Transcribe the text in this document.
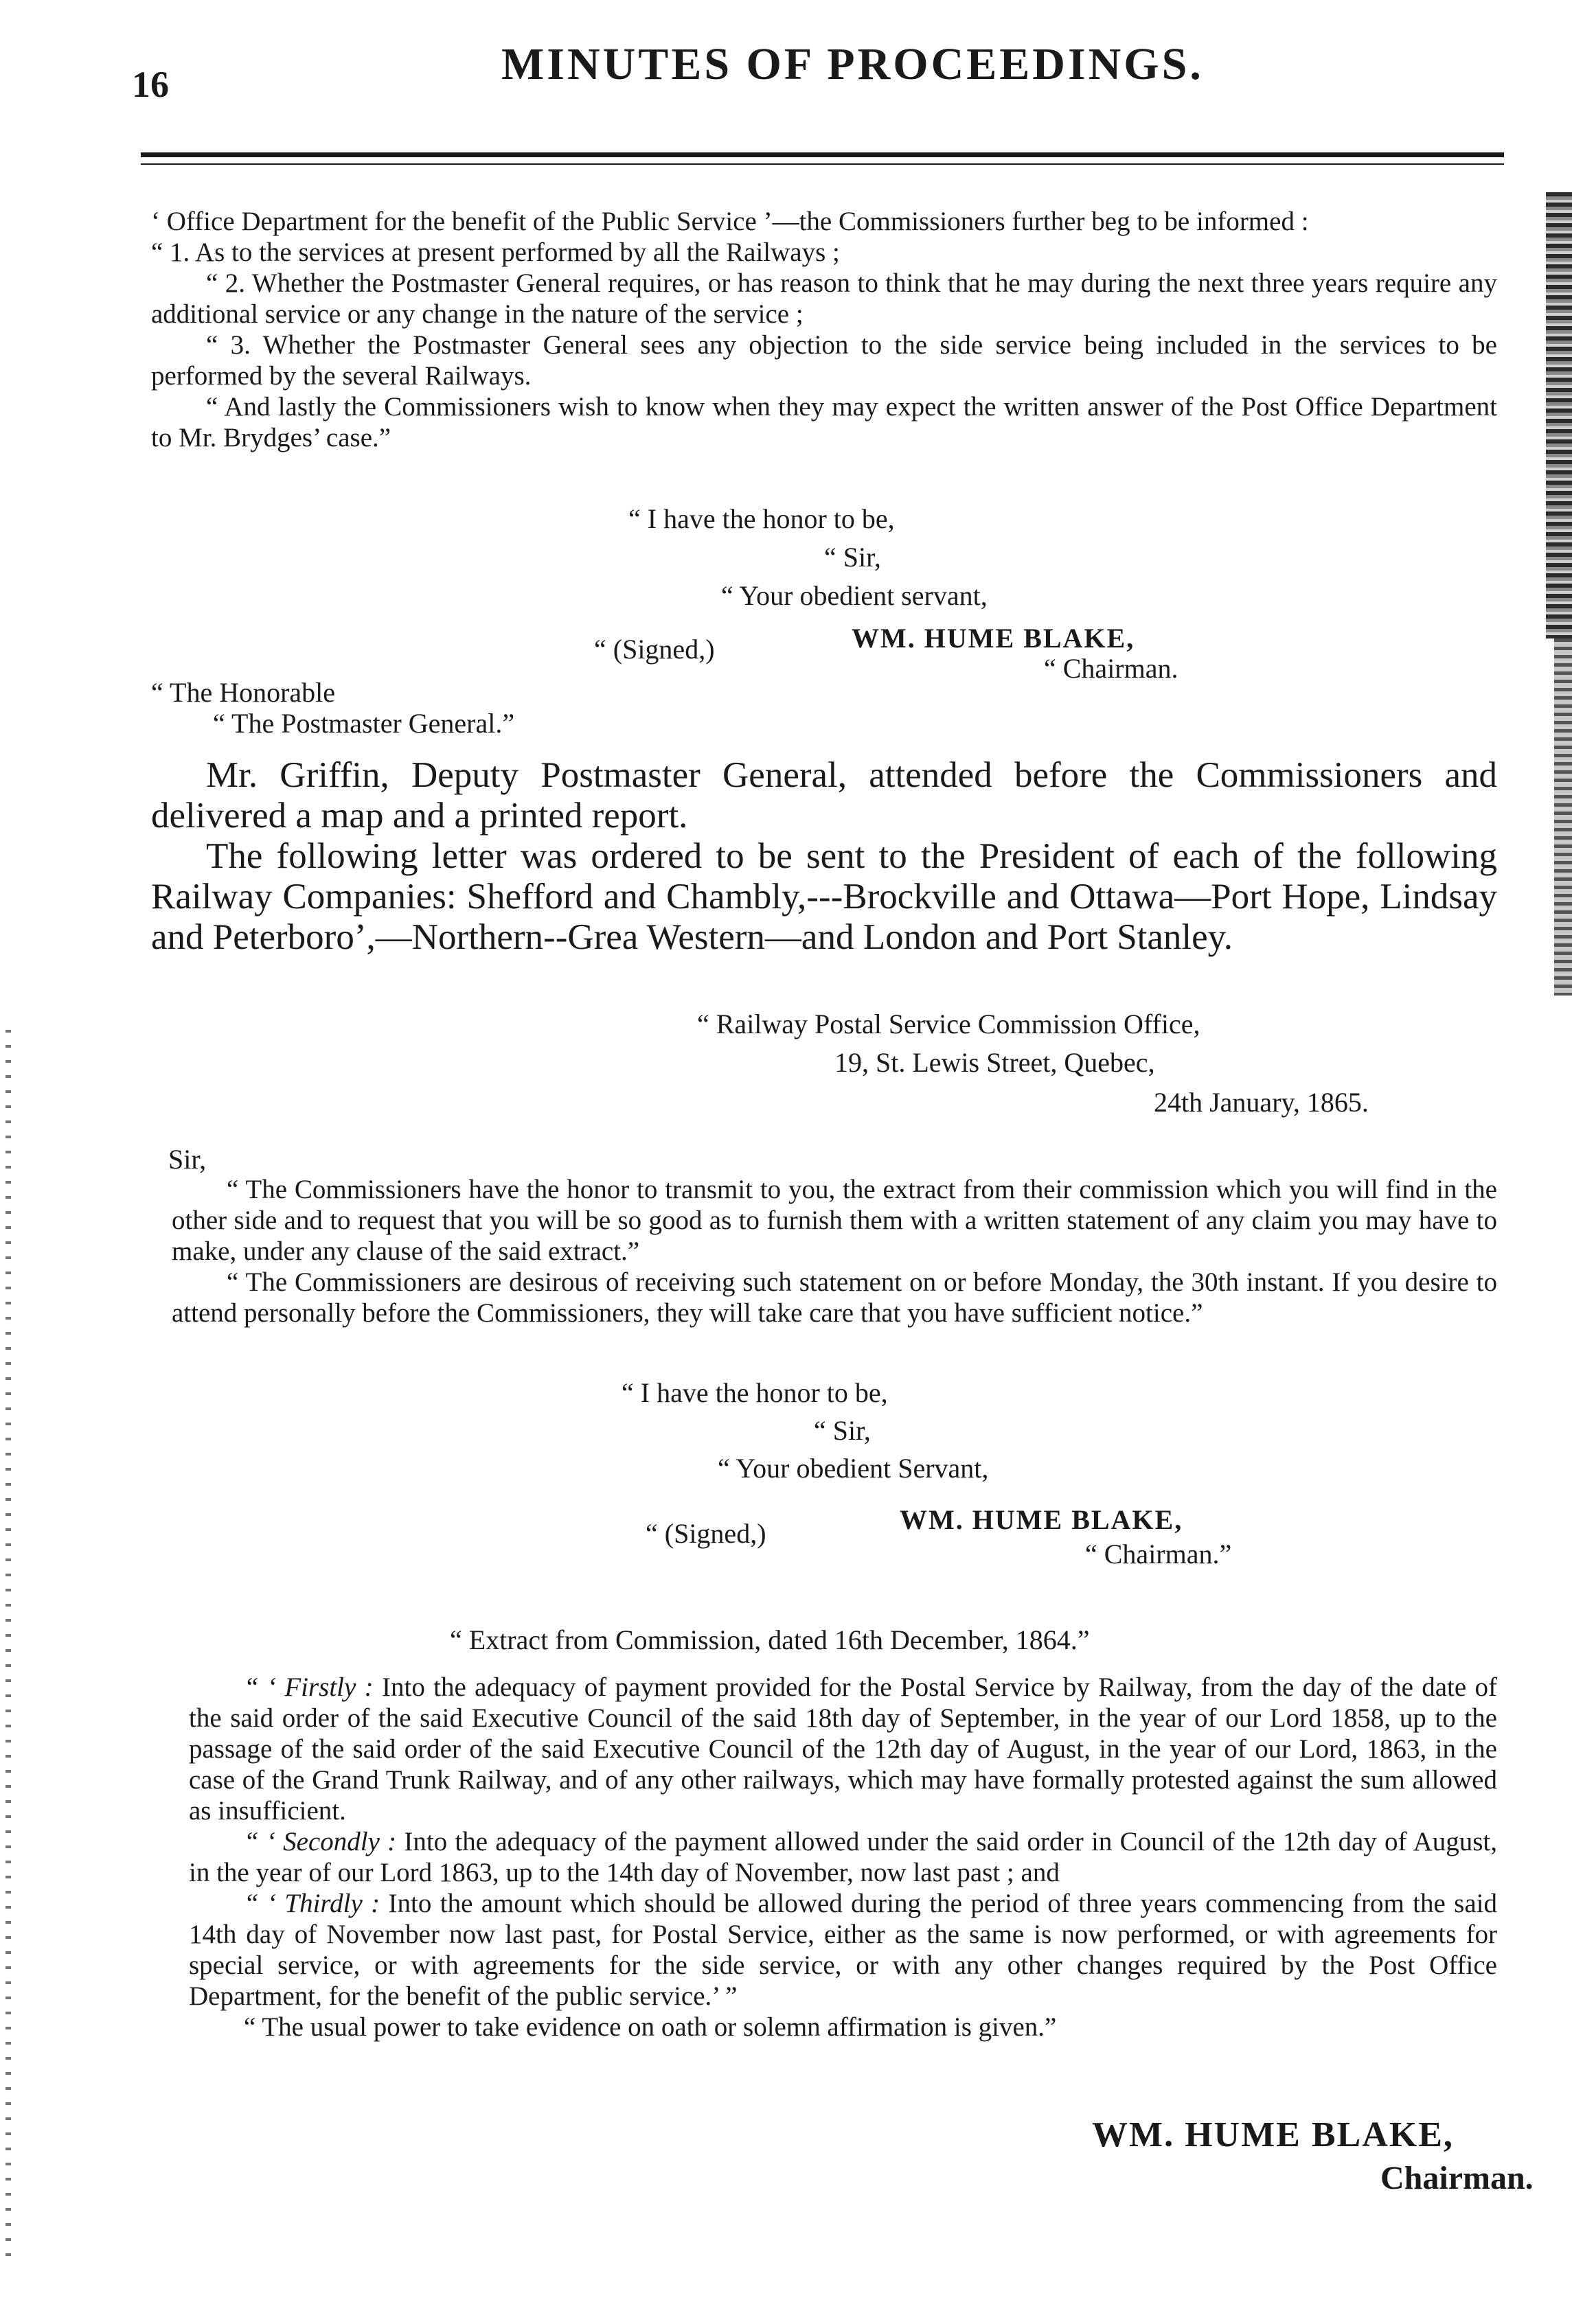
16	MINUTES OF PROCEEDINGS.

‘ Office Department for the benefit of the Public Service ’—the Commissioners further beg to be informed :

“ 1. As to the services at present performed by all the Railways ;

“ 2. Whether the Postmaster General requires, or has reason to think that he may during the next three years require any additional service or any change in the nature of the service ;

“ 3. Whether the Postmaster General sees any objection to the side service being included in the services to be performed by the several Railways.

“ And lastly the Commissioners wish to know when they may expect the written answer of the Post Office Department to Mr. Brydges’ case.”

“ I have the honor to be,
“ Sir,
“ Your obedient servant,
“ (Signed,)	WM. HUME BLAKE,
“ Chairman.
“ The Honorable
“ The Postmaster General.”

Mr. Griffin, Deputy Postmaster General, attended before the Commissioners and delivered a map and a printed report.

The following letter was ordered to be sent to the President of each of the following Railway Companies: Shefford and Chambly,---Brockville and Ottawa—Port Hope, Lindsay and Peterboro’,—Northern--Grea Western—and London and Port Stanley.

“ Railway Postal Service Commission Office,
19, St. Lewis Street, Quebec,
24th January, 1865.
Sir,

“ The Commissioners have the honor to transmit to you, the extract from their commission which you will find in the other side and to request that you will be so good as to furnish them with a written statement of any claim you may have to make, under any clause of the said extract.”

“ The Commissioners are desirous of receiving such statement on or before Monday, the 30th instant. If you desire to attend personally before the Commissioners, they will take care that you have sufficient notice.”

“ I have the honor to be,
“ Sir,
“ Your obedient Servant,
“ (Signed,)	WM. HUME BLAKE,
“ Chairman.”
“ Extract from Commission, dated 16th December, 1864.”

“ ‘ Firstly : Into the adequacy of payment provided for the Postal Service by Railway, from the day of the date of the said order of the said Executive Council of the said 18th day of September, in the year of our Lord 1858, up to the passage of the said order of the said Executive Council of the 12th day of August, in the year of our Lord, 1863, in the case of the Grand Trunk Railway, and of any other railways, which may have formally protested against the sum allowed as insufficient.

“ ‘ Secondly : Into the adequacy of the payment allowed under the said order in Council of the 12th day of August, in the year of our Lord 1863, up to the 14th day of November, now last past ; and

“ ‘ Thirdly : Into the amount which should be allowed during the period of three years commencing from the said 14th day of November now last past, for Postal Service, either as the same is now performed, or with agreements for special service, or with agreements for the side service, or with any other changes required by the Post Office Department, for the benefit of the public service.’ ”

“ The usual power to take evidence on oath or solemn affirmation is given.”

WM. HUME BLAKE,
Chairman.
